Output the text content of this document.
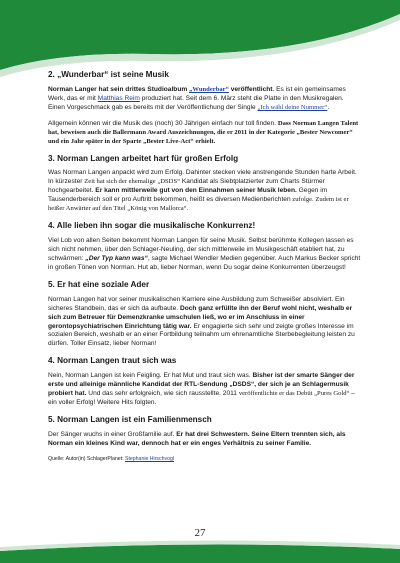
2. „Wunderbar“ ist seine Musik

Norman Langer hat sein drittes Studioalbum „Wunderbar“ veröffentlicht. Es ist ein gemeinsames Werk, das er mit Matthias Reim produziert hat. Seit dem 6. März steht die Platte in den Musikregalen. Einen Vorgeschmack gab es bereits mit der Veröffentlichung der Single „Ich wähl deine Nummer“.

Allgemein können wir die Musik des (noch) 30 Jährigen einfach nur toll finden. Dass Norman Langen Talent hat, beweisen auch die Ballermann Award Auszeichnungen, die er 2011 in der Kategorie „Bester Newcomer“ und ein Jahr später in der Sparte „Bester Live-Act“ erhielt.

3. Norman Langen arbeitet hart für großen Erfolg

Was Norman Langen anpackt wird zum Erfolg. Dahinter stecken viele anstrengende Stunden harte Arbeit. In kürzester Zeit hat sich der ehemalige „DSDS“ Kandidat als Siebtplatzierter zum Charts Stürmer hochgearbeitet. Er kann mittlerweile gut von den Einnahmen seiner Musik leben. Gegen im Tausenderbereich soll er pro Auftritt bekommen, heißt es diversen Medienberichten zufolge. Zudem ist er heißer Anwärter auf den Titel „König von Mallorca“.

4. Alle lieben ihn sogar die musikalische Konkurrenz!

Viel Lob von allen Seiten bekommt Norman Langen für seine Musik. Selbst berühmte Kollegen lassen es sich nicht nehmen, über den Schlager-Neuling, der sich mittlerweile im Musikgeschäft etabliert hat, zu schwärmen: „Der Typ kann was“, sagte Michael Wendler Medien gegenüber. Auch Markus Becker spricht in großen Tönen von Norman. Hut ab, lieber Norman, wenn Du sogar deine Konkurrenten überzeugst!

5. Er hat eine soziale Ader

Norman Langen hat vor seiner musikalischen Karriere eine Ausbildung zum Schweißer absolviert. Ein sicheres Standbein, das er sich da aufbaute. Doch ganz erfüllte ihn der Beruf wohl nicht, weshalb er sich zum Betreuer für Demenzkranke umschulen ließ, wo er im Anschluss in einer gerontopsychiatrischen Einrichtung tätig war. Er engagierte sich sehr und zeigte großes Interesse im sozialen Bereich, weshalb er an einer Fortbildung teilnahm um ehrenamtliche Sterbebegleitung leisten zu dürfen. Toller Einsatz, lieber Norman!

4. Norman Langen traut sich was

Nein, Norman Langen ist kein Feigling. Er hat Mut und traut sich was. Bisher ist der smarte Sänger der erste und alleinige männliche Kandidat der RTL-Sendung „DSDS“, der sich je an Schlagermusik probiert hat. Und das sehr erfolgreich, wie sich rausstellte. 2011 veröffentlichte er das Debüt „Pures Gold“ – ein voller Erfolg! Weitere Hits folgten.

5. Norman Langen ist ein Familienmensch

Der Sänger wuchs in einer Großfamilie auf. Er hat drei Schwestern. Seine Eltern trennten sich, als Norman ein kleines Kind war, dennoch hat er ein enges Verhältnis zu seiner Familie.

Quelle: Autor(in) SchlagerPlanet: Stephanie Hirschvogl
27
